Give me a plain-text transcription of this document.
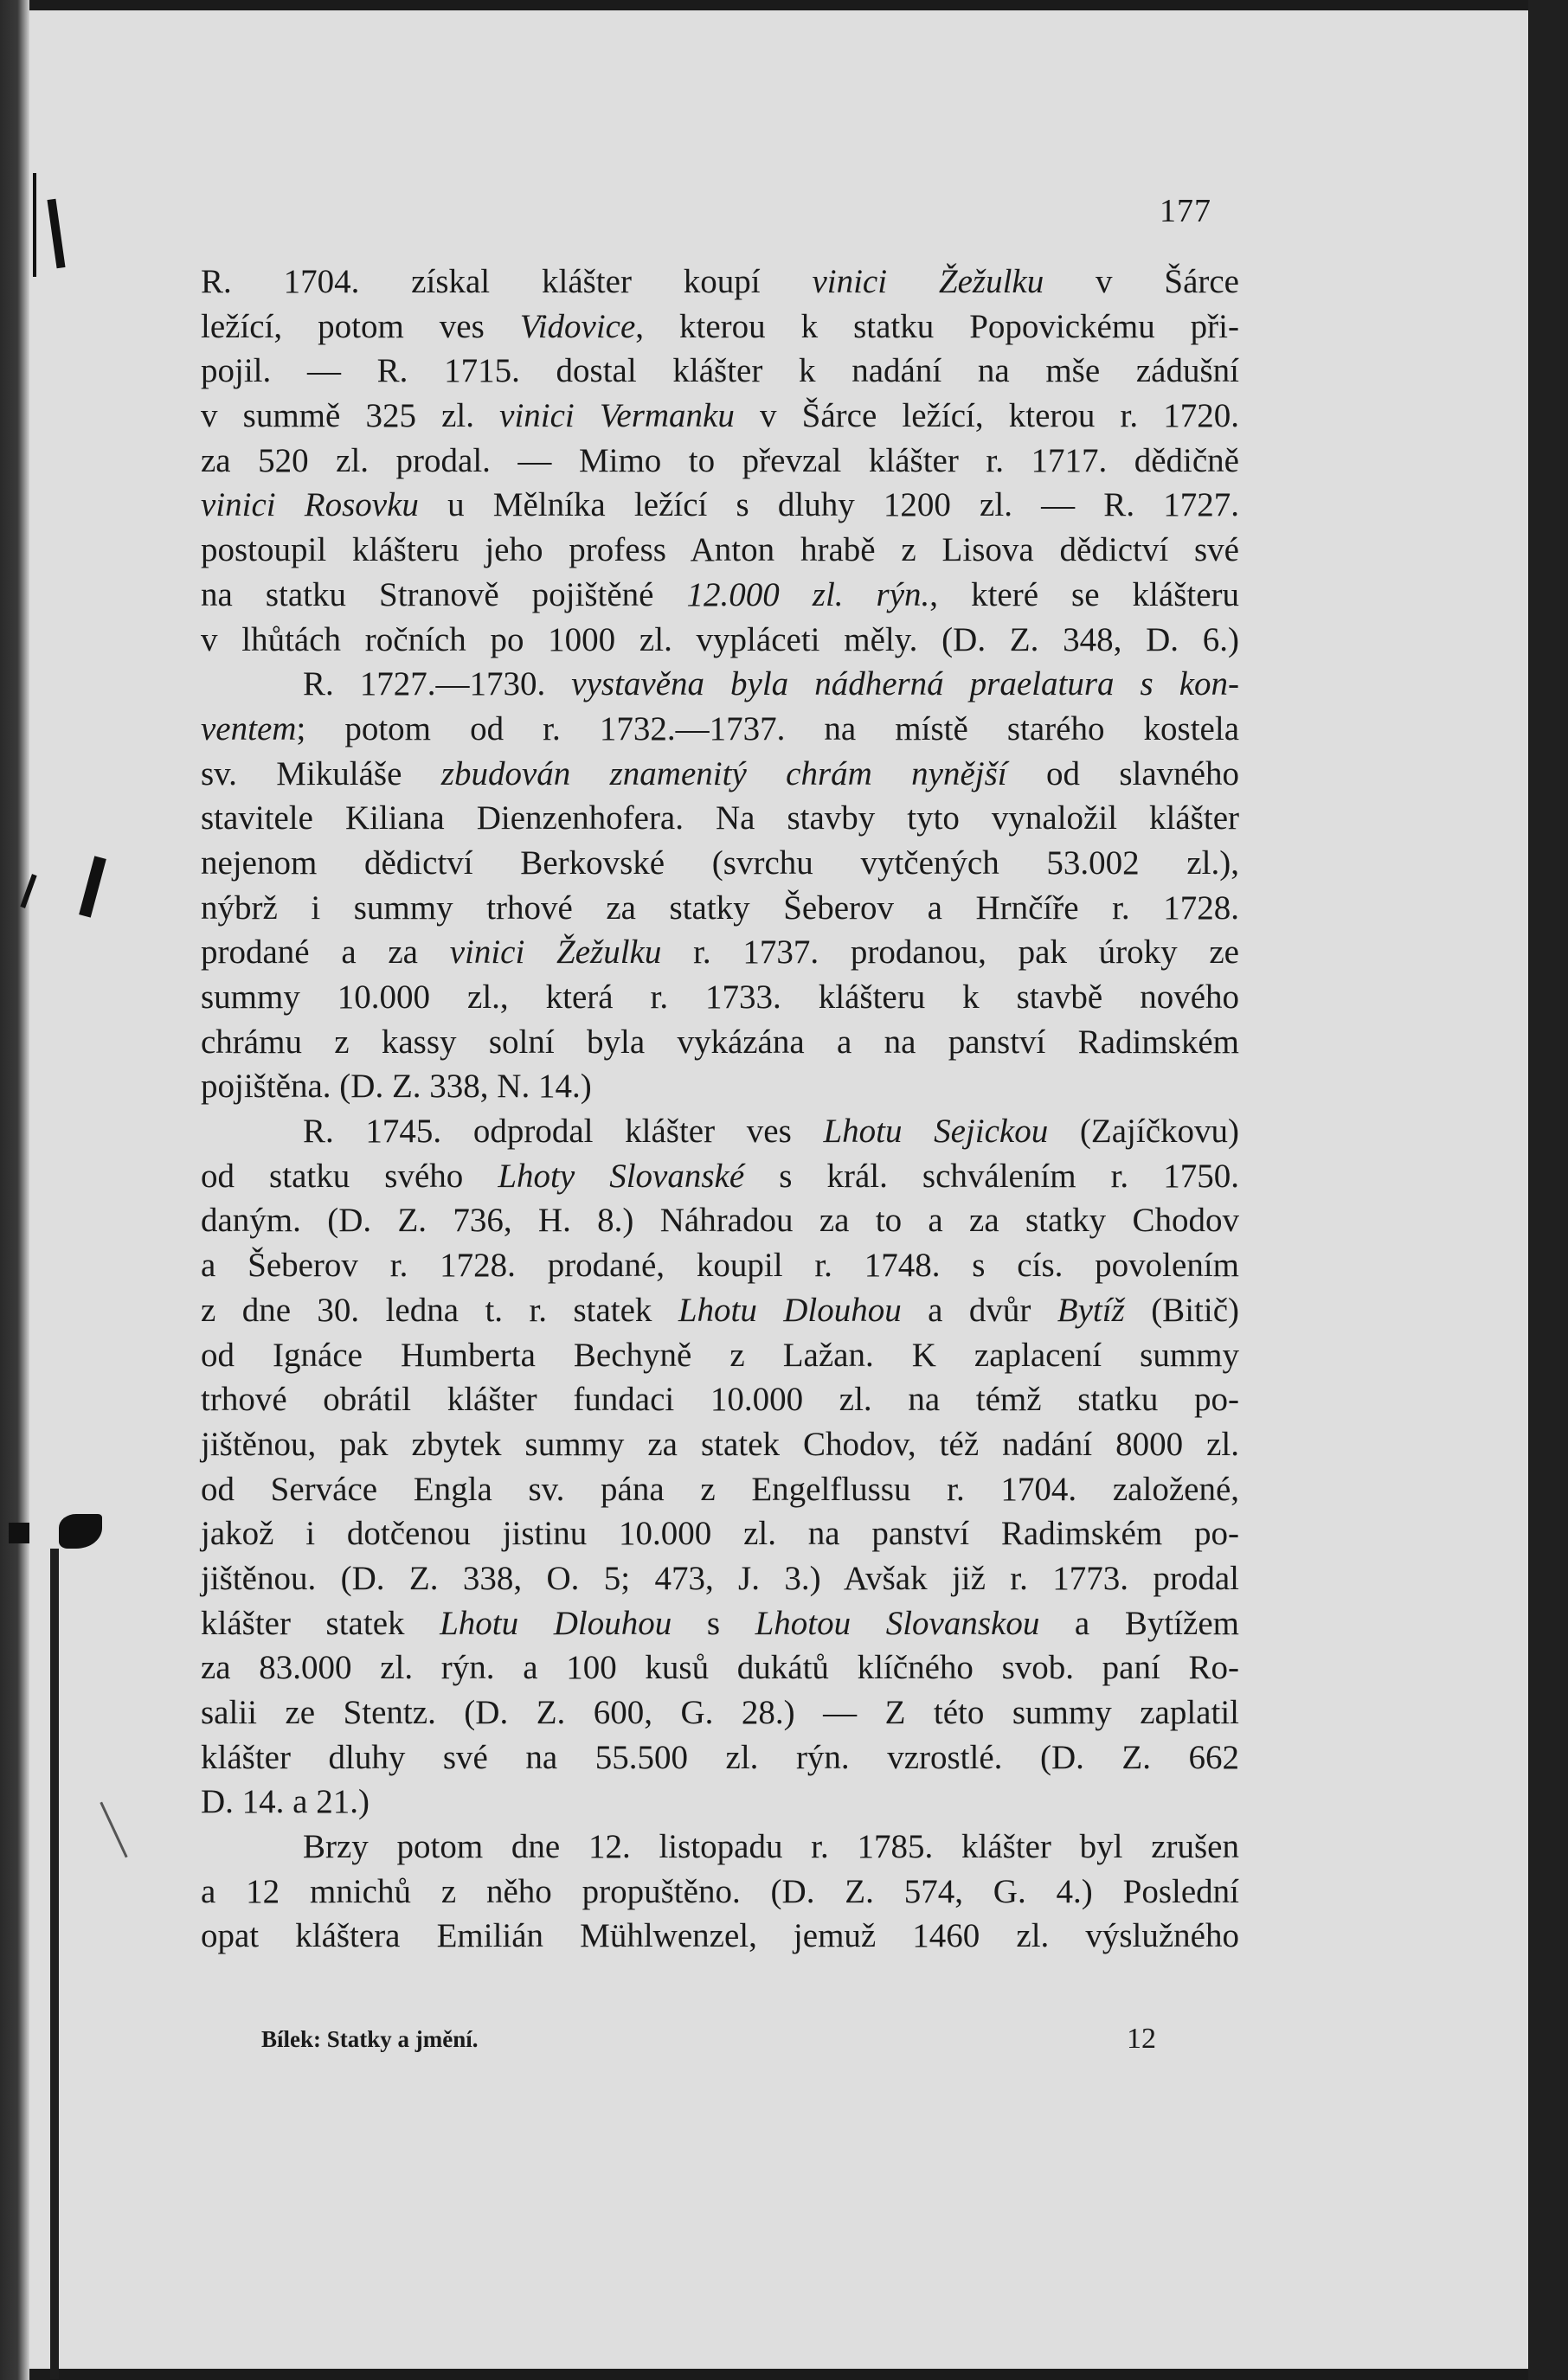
177
R. 1704. získal klášter koupí vinici Žežulku v Šárce
ležící, potom ves Vidovice, kterou k statku Popovickému při-
pojil. — R. 1715. dostal klášter k nadání na mše zádušní
v summě 325 zl. vinici Vermanku v Šárce ležící, kterou r. 1720.
za 520 zl. prodal. — Mimo to převzal klášter r. 1717. dědičně
vinici Rosovku u Mělníka ležící s dluhy 1200 zl. — R. 1727.
postoupil klášteru jeho profess Anton hrabě z Lisova dědictví své
na statku Stranově pojištěné 12.000 zl. rýn., které se klášteru
v lhůtách ročních po 1000 zl. vypláceti měly. (D. Z. 348, D. 6.)
R. 1727.—1730. vystavěna byla nádherná praelatura s kon-
ventem; potom od r. 1732.—1737. na místě starého kostela
sv. Mikuláše zbudován znamenitý chrám nynější od slavného
stavitele Kiliana Dienzenhofera. Na stavby tyto vynaložil klášter
nejenom dědictví Berkovské (svrchu vytčených 53.002 zl.),
nýbrž i summy trhové za statky Šeberov a Hrnčíře r. 1728.
prodané a za vinici Žežulku r. 1737. prodanou, pak úroky ze
summy 10.000 zl., která r. 1733. klášteru k stavbě nového
chrámu z kassy solní byla vykázána a na panství Radimském
pojištěna. (D. Z. 338, N. 14.)
R. 1745. odprodal klášter ves Lhotu Sejickou (Zajíčkovu)
od statku svého Lhoty Slovanské s král. schválením r. 1750.
daným. (D. Z. 736, H. 8.) Náhradou za to a za statky Chodov
a Šeberov r. 1728. prodané, koupil r. 1748. s cís. povolením
z dne 30. ledna t. r. statek Lhotu Dlouhou a dvůr Bytíž (Bitič)
od Ignáce Humberta Bechyně z Lažan. K zaplacení summy
trhové obrátil klášter fundaci 10.000 zl. na témž statku po-
jištěnou, pak zbytek summy za statek Chodov, též nadání 8000 zl.
od Serváce Engla sv. pána z Engelflussu r. 1704. založené,
jakož i dotčenou jistinu 10.000 zl. na panství Radimském po-
jištěnou. (D. Z. 338, O. 5; 473, J. 3.) Avšak již r. 1773. prodal
klášter statek Lhotu Dlouhou s Lhotou Slovanskou a Bytížem
za 83.000 zl. rýn. a 100 kusů dukátů klíčného svob. paní Ro-
salii ze Stentz. (D. Z. 600, G. 28.) — Z této summy zaplatil
klášter dluhy své na 55.500 zl. rýn. vzrostlé. (D. Z. 662
D. 14. a 21.)
Brzy potom dne 12. listopadu r. 1785. klášter byl zrušen
a 12 mnichů z něho propuštěno. (D. Z. 574, G. 4.) Poslední
opat kláštera Emilián Mühlwenzel, jemuž 1460 zl. výslužného
Bílek: Statky a jmění.	12
